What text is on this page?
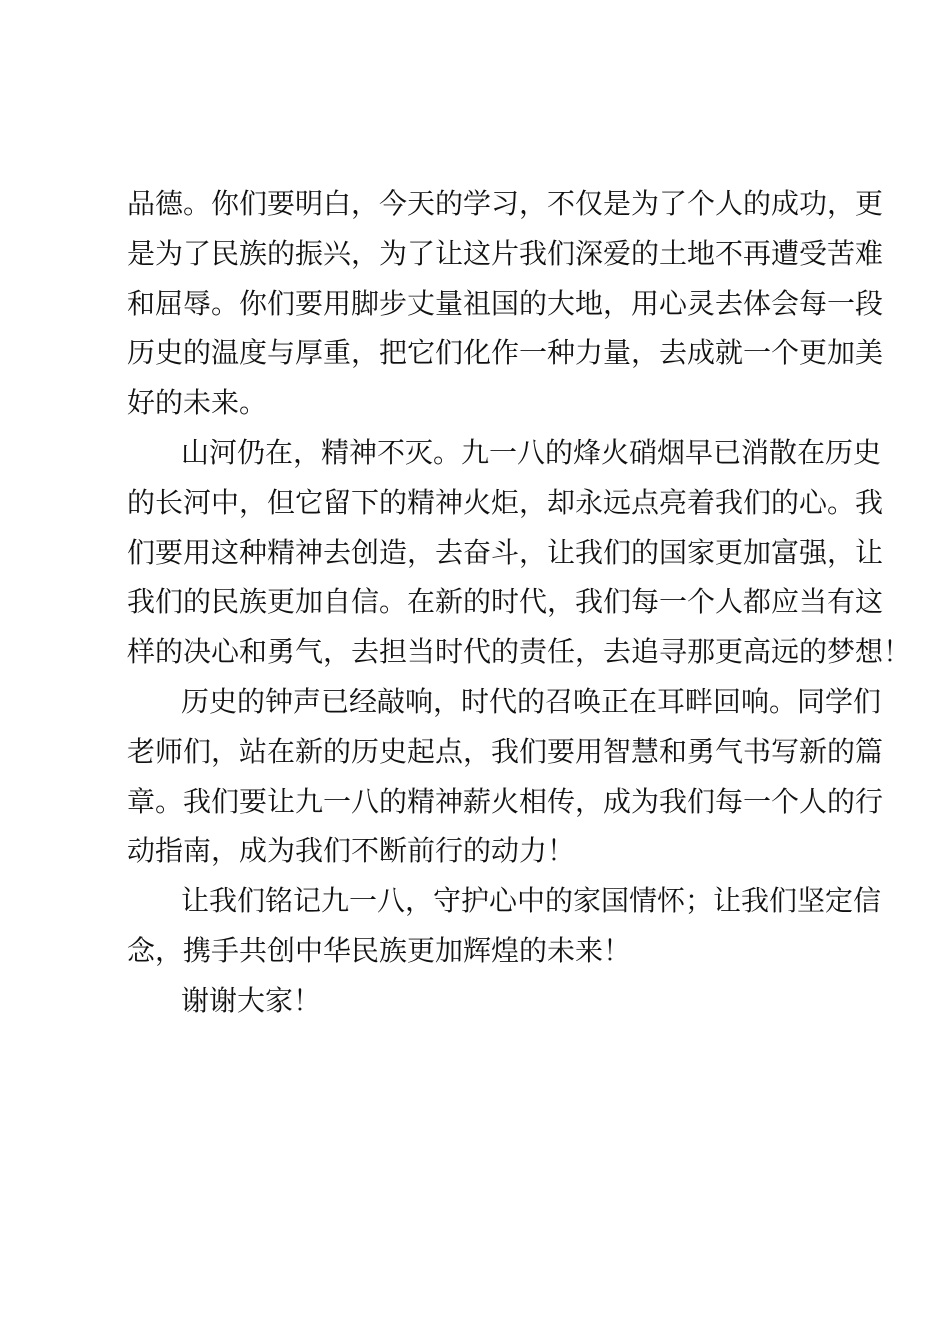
品德。你们要明白，今天的学习，不仅是为了个人的成功，更
是为了民族的振兴，为了让这片我们深爱的土地不再遭受苦难
和屈辱。你们要用脚步丈量祖国的大地，用心灵去体会每一段
历史的温度与厚重，把它们化作一种力量，去成就一个更加美
好的未来。
山河仍在，精神不灭。九一八的烽火硝烟早已消散在历史
的长河中，但它留下的精神火炬，却永远点亮着我们的心。我
们要用这种精神去创造，去奋斗，让我们的国家更加富强，让
我们的民族更加自信。在新的时代，我们每一个人都应当有这
样的决心和勇气，去担当时代的责任，去追寻那更高远的梦想！
历史的钟声已经敲响，时代的召唤正在耳畔回响。同学们
老师们，站在新的历史起点，我们要用智慧和勇气书写新的篇
章。我们要让九一八的精神薪火相传，成为我们每一个人的行
动指南，成为我们不断前行的动力！
让我们铭记九一八，守护心中的家国情怀；让我们坚定信
念，携手共创中华民族更加辉煌的未来！
谢谢大家！
